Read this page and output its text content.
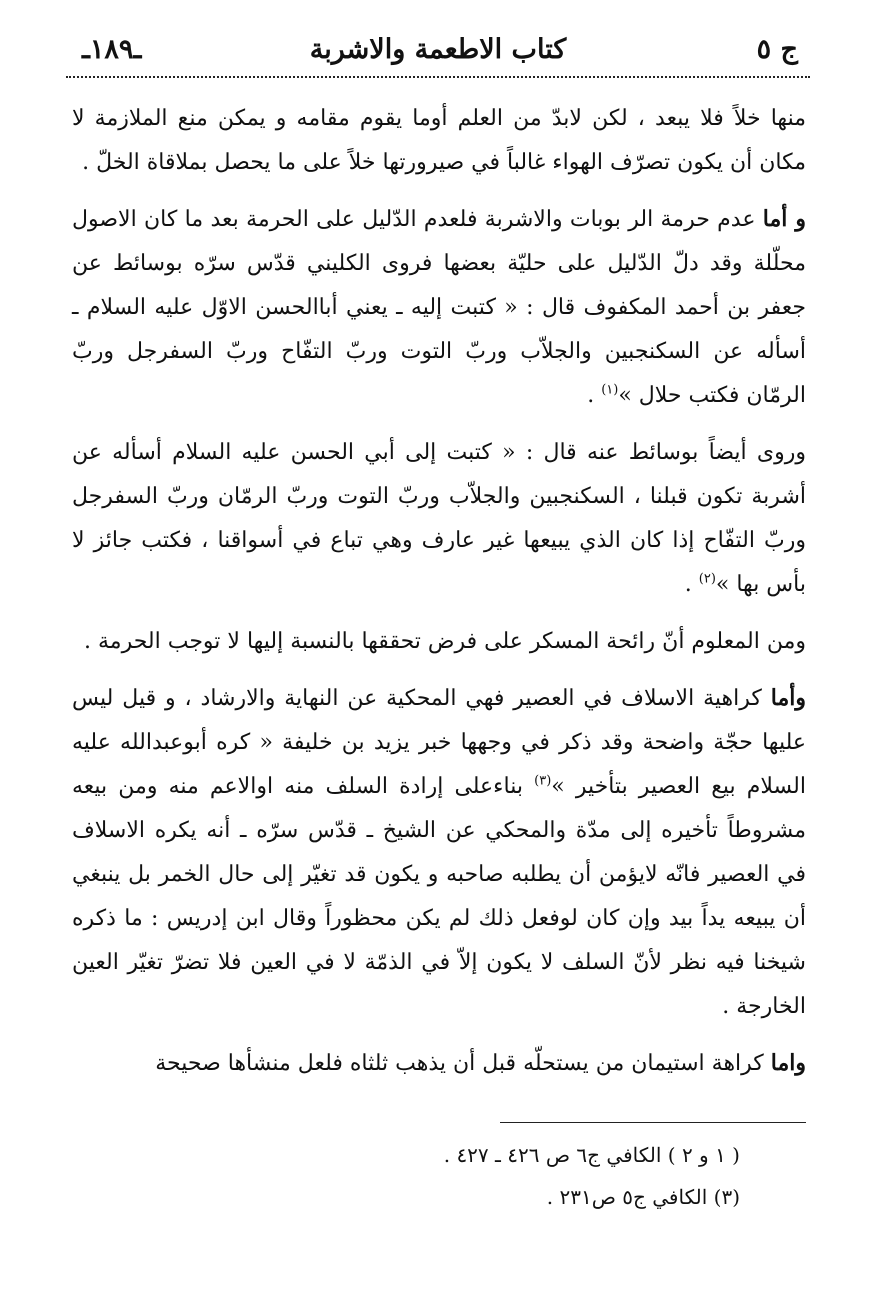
ج ٥
كتاب الاطعمة والاشربة
ـ١٨٩ـ

منها خلاً فلا يبعد ، لكن لابدّ من العلم أوما يقوم مقامه و يمكن منع الملازمة لا مكان أن يكون تصرّف الهواء غالباً في صيرورتها خلاً على ما يحصل بملاقاة الخلّ .

و أما عدم حرمة الر بوبات والاشربة فلعدم الدّليل على الحرمة بعد ما كان الاصول محلّلة وقد دلّ الدّليل على حليّة بعضها فروى الكليني قدّس سرّه بوسائط عن جعفر بن أحمد المكفوف قال : « كتبت إليه ـ يعني أباالحسن الاوّل عليه السلام ـ أسأله عن السكنجبين والجلاّب وربّ التوت وربّ التفّاح وربّ السفرجل وربّ الرمّان فكتب حلال »$^{(١)}$ .

وروى أيضاً بوسائط عنه قال : « كتبت إلى أبي الحسن عليه السلام أسأله عن أشربة تكون قبلنا ، السكنجبين والجلاّب وربّ التوت وربّ الرمّان وربّ السفرجل وربّ التفّاح إذا كان الذي يبيعها غير عارف وهي تباع في أسواقنا ، فكتب جائز لا بأس بها »$^{(٢)}$ .

ومن المعلوم أنّ رائحة المسكر على فرض تحققها بالنسبة إليها لا توجب الحرمة .

وأما كراهية الاسلاف في العصير فهي المحكية عن النهاية والارشاد ، و قيل ليس عليها حجّة واضحة وقد ذكر في وجهها خبر يزيد بن خليفة « كره أبوعبدالله عليه السلام بيع العصير بتأخير »$^{(٣)}$ بناءعلى إرادة السلف منه اوالاعم منه ومن بيعه مشروطاً تأخيره إلى مدّة والمحكي عن الشيخ ـ قدّس سرّه ـ أنه يكره الاسلاف في العصير فانّه لايؤمن أن يطلبه صاحبه و يكون قد تغيّر إلى حال الخمر بل ينبغي أن يبيعه يداً بيد وإن كان لوفعل ذلك لم يكن محظوراً وقال ابن إدريس : ما ذكره شيخنا فيه نظر لأنّ السلف لا يكون إلاّ في الذمّة لا في العين فلا تضرّ تغيّر العين الخارجة .

واما كراهة استيمان من يستحلّه قبل أن يذهب ثلثاه فلعل منشأها صحيحة

( ١ و ٢ ) الكافي ج٦ ص ٤٢٦ ـ ٤٢٧ .
(٣) الكافي ج٥ ص٢٣١ .
